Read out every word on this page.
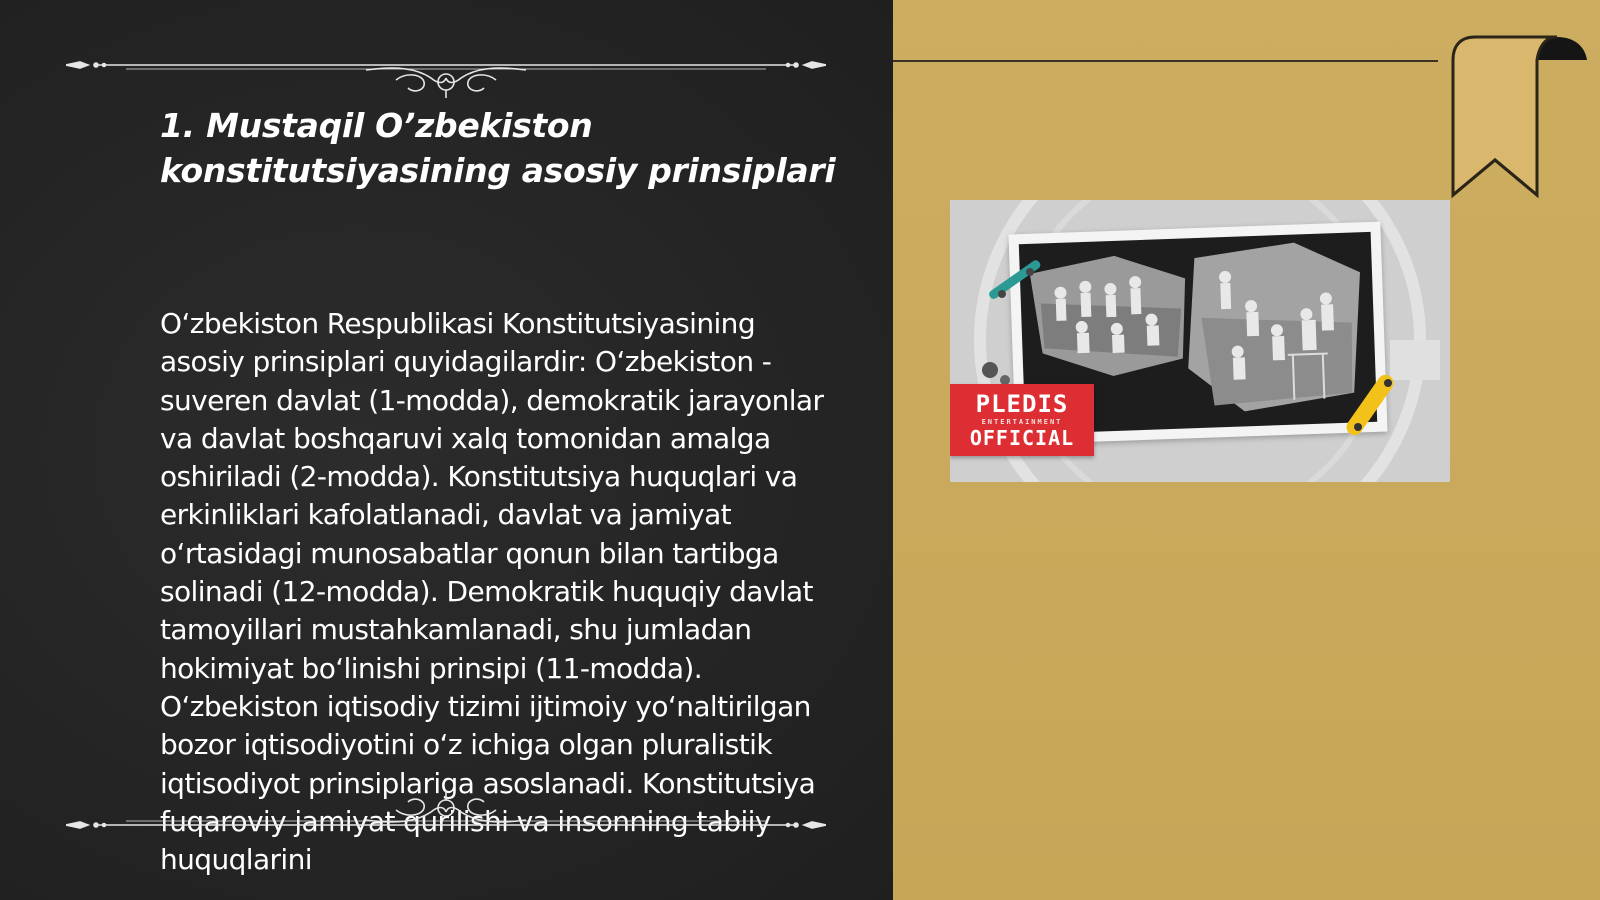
1. Mustaqil O’zbekiston konstitutsiyasining asosiy prinsiplari

O‘zbekiston Respublikasi Konstitutsiyasining asosiy prinsiplari quyidagilardir: O‘zbekiston - suveren davlat (1-modda), demokratik jarayonlar va davlat boshqaruvi xalq tomonidan amalga oshiriladi (2-modda). Konstitutsiya huquqlari va erkinliklari kafolatlanadi, davlat va jamiyat o‘rtasidagi munosabatlar qonun bilan tartibga solinadi (12-modda). Demokratik huquqiy davlat tamoyillari mustahkamlanadi, shu jumladan hokimiyat bo‘linishi prinsipi (11-modda). O‘zbekiston iqtisodiy tizimi ijtimoiy yo‘naltirilgan bozor iqtisodiyotini o‘z ichiga olgan pluralistik iqtisodiyot prinsiplariga asoslanadi. Konstitutsiya fuqaroviy jamiyat qurilishi va insonning tabiiy huquqlarini

PLEDIS
ENTERTAINMENT
OFFICIAL
